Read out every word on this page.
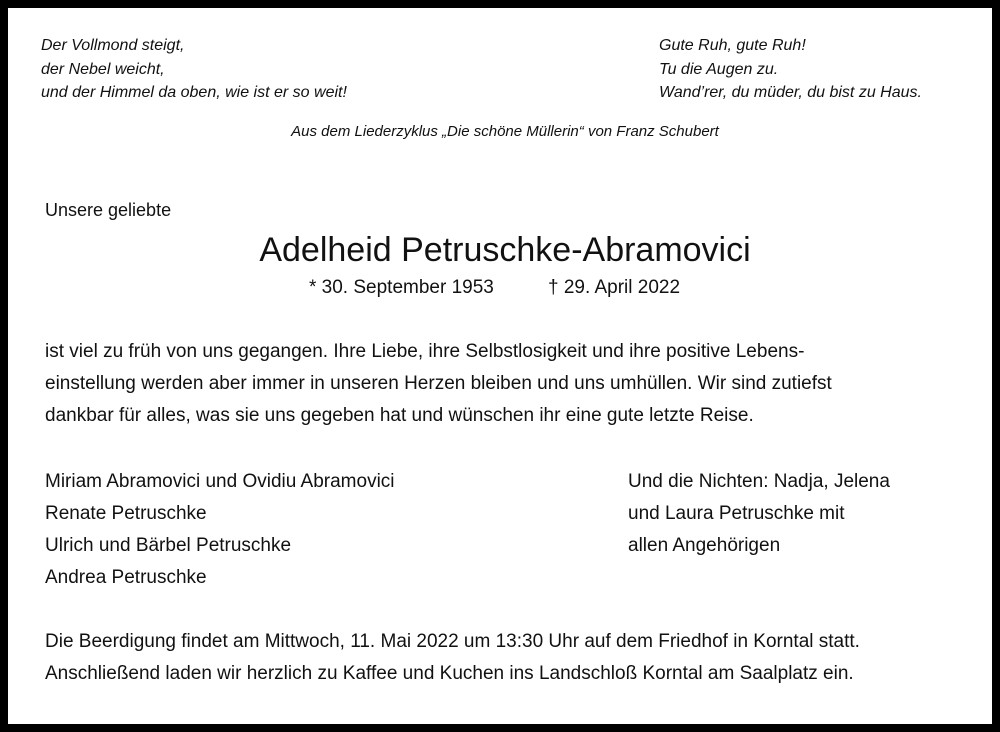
Der Vollmond steigt,
der Nebel weicht,
und der Himmel da oben, wie ist er so weit!
Gute Ruh, gute Ruh!
Tu die Augen zu.
Wand’rer, du müder, du bist zu Haus.
Aus dem Liederzyklus „Die schöne Müllerin“ von Franz Schubert
Unsere geliebte
Adelheid Petruschke-Abramovici
* 30. September 1953	† 29. April 2022
ist viel zu früh von uns gegangen. Ihre Liebe, ihre Selbstlosigkeit und ihre positive Lebens-
einstellung werden aber immer in unseren Herzen bleiben und uns umhüllen. Wir sind zutiefst
dankbar für alles, was sie uns gegeben hat und wünschen ihr eine gute letzte Reise.
Miriam Abramovici und Ovidiu Abramovici
Renate Petruschke
Ulrich und Bärbel Petruschke
Andrea Petruschke
Und die Nichten: Nadja, Jelena
und Laura Petruschke mit
allen Angehörigen
Die Beerdigung findet am Mittwoch, 11. Mai 2022 um 13:30 Uhr auf dem Friedhof in Korntal statt.
Anschließend laden wir herzlich zu Kaffee und Kuchen ins Landschloß Korntal am Saalplatz ein.
